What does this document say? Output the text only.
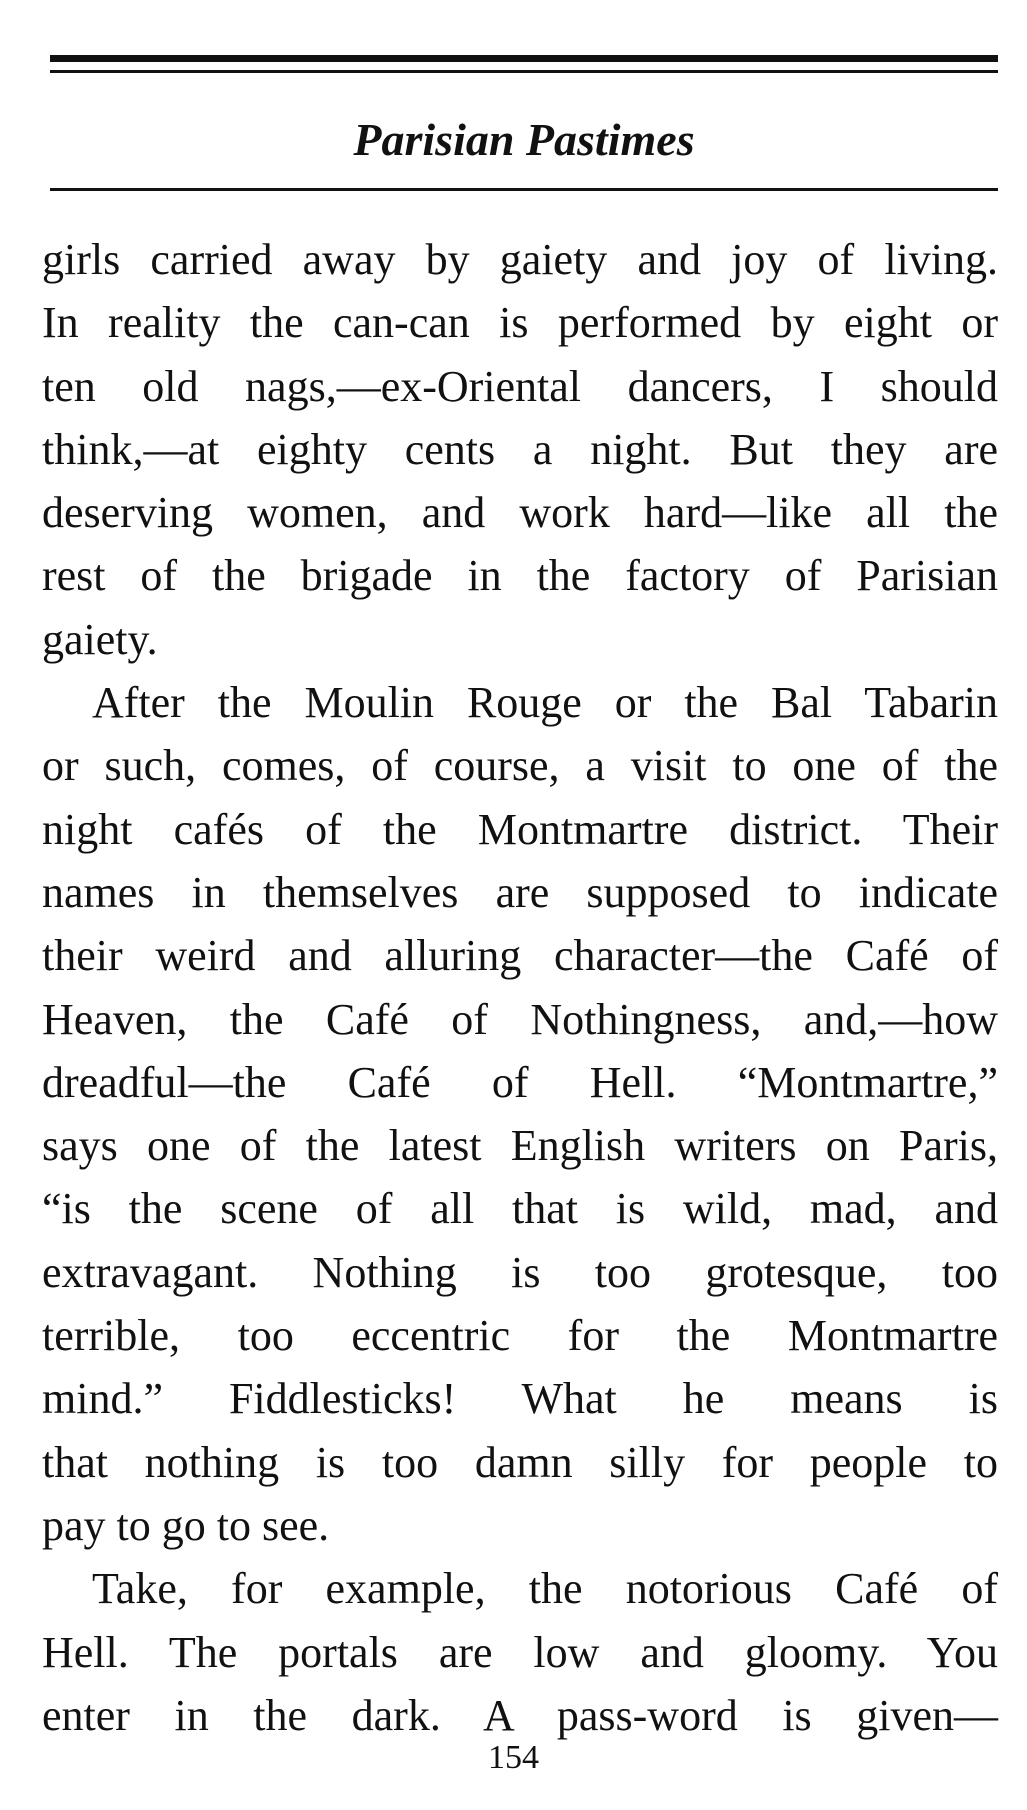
Parisian Pastimes
girls carried away by gaiety and joy of living.
In reality the can-can is performed by eight or
ten old nags,—ex-Oriental dancers, I should
think,—at eighty cents a night. But they are
deserving women, and work hard—like all the
rest of the brigade in the factory of Parisian
gaiety.
After the Moulin Rouge or the Bal Tabarin
or such, comes, of course, a visit to one of the
night cafés of the Montmartre district. Their
names in themselves are supposed to indicate
their weird and alluring character—the Café of
Heaven, the Café of Nothingness, and,—how
dreadful—the Café of Hell. “Montmartre,”
says one of the latest English writers on Paris,
“is the scene of all that is wild, mad, and
extravagant. Nothing is too grotesque, too
terrible, too eccentric for the Montmartre
mind.” Fiddlesticks! What he means is
that nothing is too damn silly for people to
pay to go to see.
Take, for example, the notorious Café of
Hell. The portals are low and gloomy. You
enter in the dark. A pass-word is given—
154
